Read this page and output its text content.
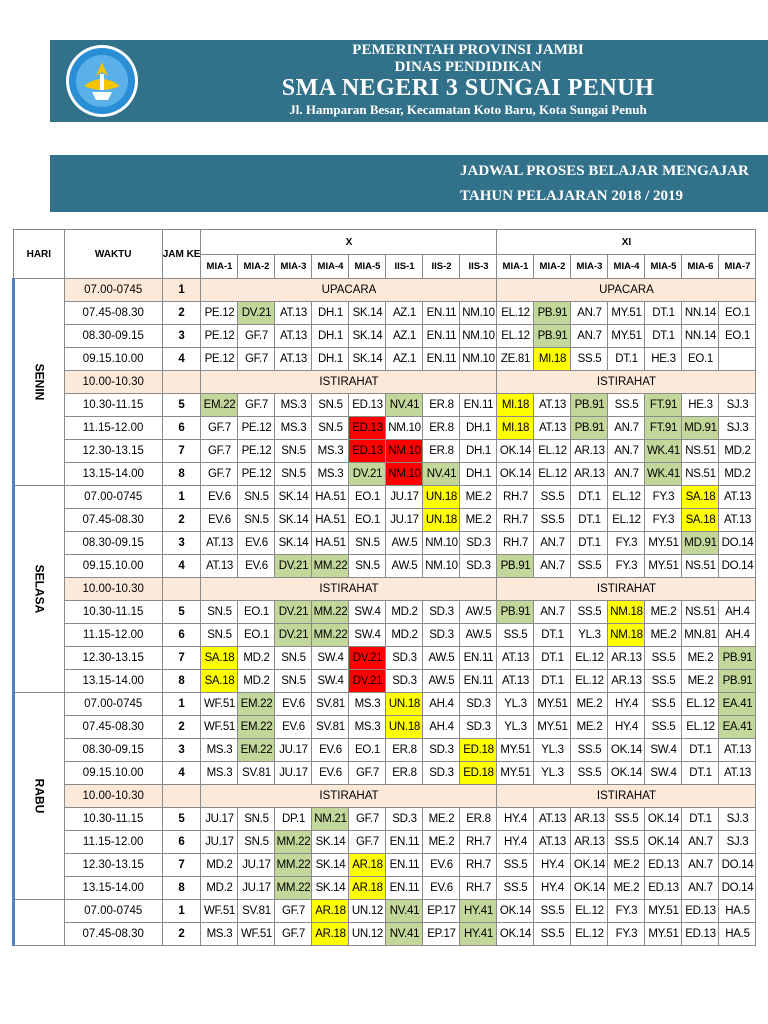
PEMERINTAH PROVINSI JAMBI
DINAS PENDIDIKAN
SMA NEGERI 3 SUNGAI PENUH
Jl. Hamparan Besar, Kecamatan Koto Baru, Kota Sungai Penuh
JADWAL PROSES BELAJAR MENGAJAR
TAHUN PELAJARAN 2018 / 2019
HARI	WAKTU	JAM KE	X								XI						
			MIA-1	MIA-2	MIA-3	MIA-4	MIA-5	IIS-1	IIS-2	IIS-3	MIA-1	MIA-2	MIA-3	MIA-4	MIA-5	MIA-6	MIA-7
SENIN	07.00-0745	1	UPACARA								UPACARA						
	07.45-08.30	2	PE.12	DV.21	AT.13	DH.1	SK.14	AZ.1	EN.11	NM.10	EL.12	PB.91	AN.7	MY.51	DT.1	NN.14	EO.1
	08.30-09.15	3	PE.12	GF.7	AT.13	DH.1	SK.14	AZ.1	EN.11	NM.10	EL.12	PB.91	AN.7	MY.51	DT.1	NN.14	EO.1
	09.15.10.00	4	PE.12	GF.7	AT.13	DH.1	SK.14	AZ.1	EN.11	NM.10	ZE.81	MI.18	SS.5	DT.1	HE.3	EO.1	
	10.00-10.30		ISTIRAHAT								ISTIRAHAT						
	10.30-11.15	5	EM.22	GF.7	MS.3	SN.5	ED.13	NV.41	ER.8	EN.11	MI.18	AT.13	PB.91	SS.5	FT.91	HE.3	SJ.3
	11.15-12.00	6	GF.7	PE.12	MS.3	SN.5	ED.13	NM.10	ER.8	DH.1	MI.18	AT.13	PB.91	AN.7	FT.91	MD.91	SJ.3
	12.30-13.15	7	GF.7	PE.12	SN.5	MS.3	ED.13	NM.10	ER.8	DH.1	OK.14	EL.12	AR.13	AN.7	WK.41	NS.51	MD.2
	13.15-14.00	8	GF.7	PE.12	SN.5	MS.3	DV.21	NM.10	NV.41	DH.1	OK.14	EL.12	AR.13	AN.7	WK.41	NS.51	MD.2
SELASA	07.00-0745	1	EV.6	SN.5	SK.14	HA.51	EO.1	JU.17	UN.18	ME.2	RH.7	SS.5	DT.1	EL.12	FY.3	SA.18	AT.13
	07.45-08.30	2	EV.6	SN.5	SK.14	HA.51	EO.1	JU.17	UN.18	ME.2	RH.7	SS.5	DT.1	EL.12	FY.3	SA.18	AT.13
	08.30-09.15	3	AT.13	EV.6	SK.14	HA.51	SN.5	AW.5	NM.10	SD.3	RH.7	AN.7	DT.1	FY.3	MY.51	MD.91	DO.14
	09.15.10.00	4	AT.13	EV.6	DV.21	MM.22	SN.5	AW.5	NM.10	SD.3	PB.91	AN.7	SS.5	FY.3	MY.51	NS.51	DO.14
	10.00-10.30		ISTIRAHAT								ISTIRAHAT						
	10.30-11.15	5	SN.5	EO.1	DV.21	MM.22	SW.4	MD.2	SD.3	AW.5	PB.91	AN.7	SS.5	NM.18	ME.2	NS.51	AH.4
	11.15-12.00	6	SN.5	EO.1	DV.21	MM.22	SW.4	MD.2	SD.3	AW.5	SS.5	DT.1	YL.3	NM.18	ME.2	MN.81	AH.4
	12.30-13.15	7	SA.18	MD.2	SN.5	SW.4	DV.21	SD.3	AW.5	EN.11	AT.13	DT.1	EL.12	AR.13	SS.5	ME.2	PB.91
	13.15-14.00	8	SA.18	MD.2	SN.5	SW.4	DV.21	SD.3	AW.5	EN.11	AT.13	DT.1	EL.12	AR.13	SS.5	ME.2	PB.91
RABU	07.00-0745	1	WF.51	EM.22	EV.6	SV.81	MS.3	UN.18	AH.4	SD.3	YL.3	MY.51	ME.2	HY.4	SS.5	EL.12	EA.41
	07.45-08.30	2	WF.51	EM.22	EV.6	SV.81	MS.3	UN.18	AH.4	SD.3	YL.3	MY.51	ME.2	HY.4	SS.5	EL.12	EA.41
	08.30-09.15	3	MS.3	EM.22	JU.17	EV.6	EO.1	ER.8	SD.3	ED.18	MY.51	YL.3	SS.5	OK.14	SW.4	DT.1	AT.13
	09.15.10.00	4	MS.3	SV.81	JU.17	EV.6	GF.7	ER.8	SD.3	ED.18	MY.51	YL.3	SS.5	OK.14	SW.4	DT.1	AT.13
	10.00-10.30		ISTIRAHAT								ISTIRAHAT						
	10.30-11.15	5	JU.17	SN.5	DP.1	NM.21	GF.7	SD.3	ME.2	ER.8	HY.4	AT.13	AR.13	SS.5	OK.14	DT.1	SJ.3
	11.15-12.00	6	JU.17	SN.5	MM.22	SK.14	GF.7	EN.11	ME.2	RH.7	HY.4	AT.13	AR.13	SS.5	OK.14	AN.7	SJ.3
	12.30-13.15	7	MD.2	JU.17	MM.22	SK.14	AR.18	EN.11	EV.6	RH.7	SS.5	HY.4	OK.14	ME.2	ED.13	AN.7	DO.14
	13.15-14.00	8	MD.2	JU.17	MM.22	SK.14	AR.18	EN.11	EV.6	RH.7	SS.5	HY.4	OK.14	ME.2	ED.13	AN.7	DO.14
	07.00-0745	1	WF.51	SV.81	GF.7	AR.18	UN.12	NV.41	EP.17	HY.41	OK.14	SS.5	EL.12	FY.3	MY.51	ED.13	HA.5
	07.45-08.30	2	MS.3	WF.51	GF.7	AR.18	UN.12	NV.41	EP.17	HY.41	OK.14	SS.5	EL.12	FY.3	MY.51	ED.13	HA.5
